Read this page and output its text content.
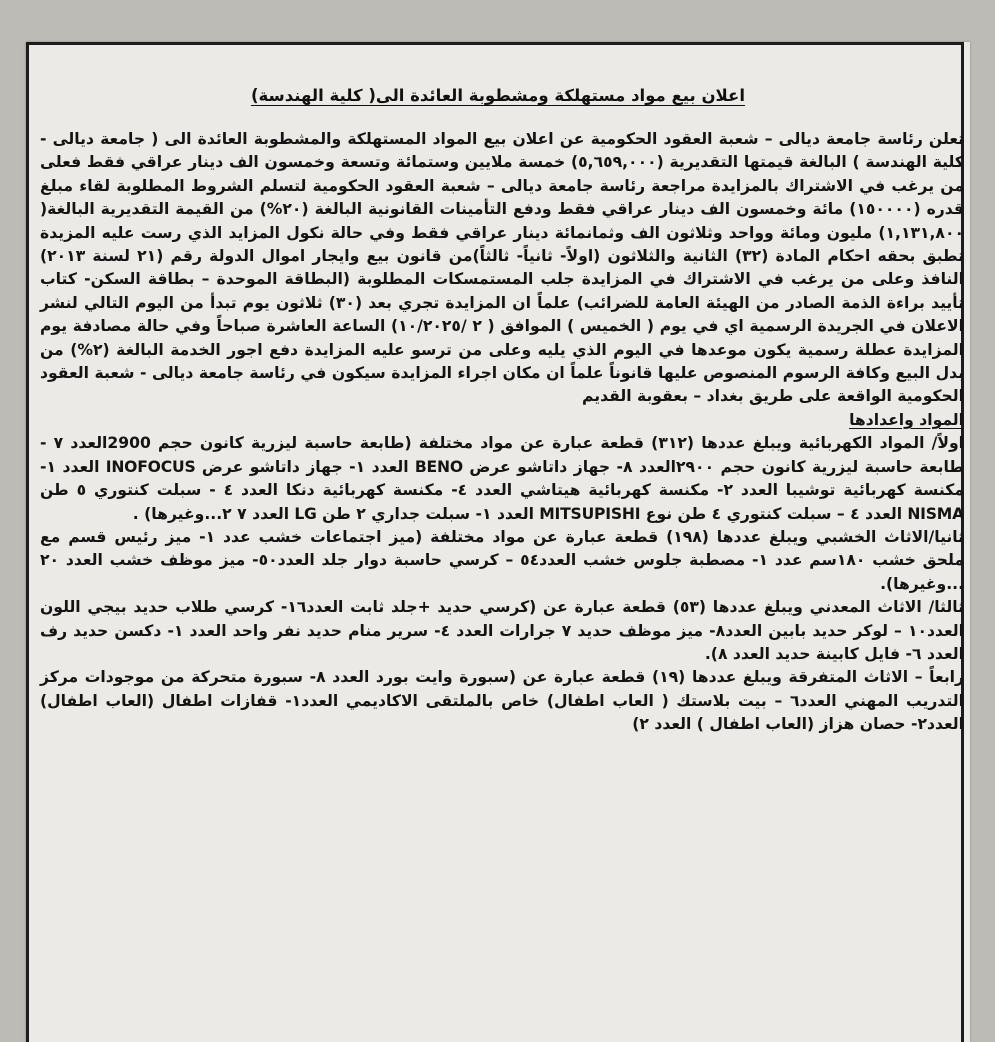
اعلان بيع مواد مستهلكة ومشطوبة العائدة الى( كلية الهندسة)

تعلن رئاسة جامعة ديالى – شعبة العقود الحكومية عن اعلان بيع المواد المستهلكة والمشطوبة العائدة الى ( جامعة ديالى - كلية الهندسة ) البالغة قيمتها التقديرية (٥,٦٥٩,٠٠٠) خمسة ملايين وستمائة وتسعة وخمسون الف دينار عراقي فقط فعلى من يرغب في الاشتراك بالمزايدة مراجعة رئاسة جامعة ديالى – شعبة العقود الحكومية لتسلم الشروط المطلوبة لقاء مبلغ قدره (١٥٠٠٠٠) مائة وخمسون الف دينار عراقي فقط ودفع التأمينات القانونية البالغة (٢٠%) من القيمة التقديرية البالغة( ١,١٣١,٨٠٠) مليون ومائة وواحد وثلاثون الف وثمانمائة دينار عراقي فقط وفي حالة نكول المزايد الذي رست عليه المزيدة تطبق بحقه احكام المادة (٣٢) الثانية والثلاثون (اولاً- ثانياً- ثالثاً)من قانون بيع وايجار اموال الدولة رقم (٢١ لسنة ٢٠١٣) النافذ وعلى من يرغب في الاشتراك في المزايدة جلب المستمسكات المطلوبة (البطاقة الموحدة – بطاقة السكن- كتاب تأييد براءة الذمة الصادر من الهيئة العامة للضرائب) علماً ان المزايدة تجري بعد (٣٠) ثلاثون يوم تبدأ من اليوم التالي لنشر الاعلان في الجريدة الرسمية اي في يوم ( الخميس ) الموافق ( ٢ /١٠/٢٠٢٥) الساعة العاشرة صباحاً وفي حالة مصادفة يوم المزايدة عطلة رسمية يكون موعدها في اليوم الذي يليه وعلى من ترسو عليه المزايدة دفع اجور الخدمة البالغة (٢%) من بدل البيع وكافة الرسوم المنصوص عليها قانوناً علماً ان مكان اجراء المزايدة سيكون في رئاسة جامعة ديالى - شعبة العقود الحكومية الواقعة على طريق بغداد – بعقوبة القديم

المواد واعدادها

اولاً/ المواد الكهربائية ويبلغ عددها (٣١٢) قطعة عبارة عن مواد مختلفة (طابعة حاسبة ليزرية كانون حجم 2900العدد ٧ - طابعة حاسبة ليزرية كانون حجم ٢٩٠٠العدد ٨- جهاز داتاشو عرض BENO العدد ١- جهاز داتاشو عرض INOFOCUS العدد ١- مكنسة كهربائية توشيبا العدد ٢- مكنسة كهربائية هيتاشي العدد ٤- مكنسة كهربائية دنكا العدد ٤ - سبلت كنتوري ٥ طن NISMA العدد ٤ – سبلت كنتوري ٤ طن نوع MITSUPISHI العدد ١- سبلت جداري ٢ طن LG العدد ٧ ٢...وغيرها) .

ثانيا/الاثاث الخشبي ويبلغ عددها (١٩٨) قطعة عبارة عن مواد مختلفة (ميز اجتماعات خشب عدد ١- ميز رئيس قسم مع ملحق خشب ١٨٠سم عدد ١- مصطبة جلوس خشب العدد٥٤ – كرسي حاسبة دوار جلد العدد٥٠- ميز موظف خشب العدد ٢٠ ...وغيرها).

ثالثا/ الاثاث المعدني ويبلغ عددها (٥٣) قطعة عبارة عن (كرسي حديد +جلد ثابت العدد١٦- كرسي طلاب حديد بيجي اللون العدد١٠ – لوكر حديد بابين العدد٨- ميز موظف حديد ٧ جرارات العدد ٤- سرير منام حديد نفر واحد العدد ١- دكسن حديد رف العدد ٦- فايل كابينة حديد العدد ٨).

رابعاً – الاثاث المتفرقة ويبلغ عددها (١٩) قطعة عبارة عن (سبورة وايت بورد العدد ٨- سبورة متحركة من موجودات مركز التدريب المهني العدد٦ – بيت بلاستك ( العاب اطفال) خاص بالملتقى الاكاديمي العدد١- قفازات اطفال (العاب اطفال) العدد٢- حصان هزاز (العاب اطفال ) العدد ٢)
